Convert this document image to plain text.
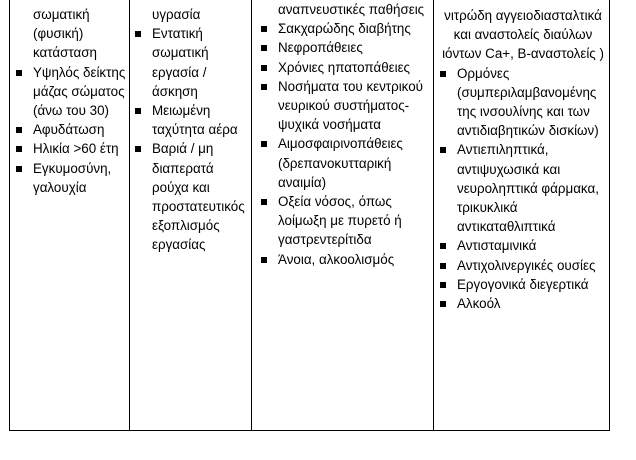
σωματική (φυσική) κατάσταση
Υψηλός δείκτης μάζας σώματος (άνω του 30)
Αφυδάτωση
Ηλικία >60 έτη
Εγκυμοσύνη, γαλουχία
υγρασία
Εντατική σωματική εργασία / άσκηση
Μειωμένη ταχύτητα αέρα
Βαριά / μη διαπερατά ρούχα και προστατευτικός εξοπλισμός εργασίας
αναπνευστικές παθήσεις
Σακχαρώδης διαβήτης
Νεφροπάθειες
Χρόνιες ηπατοπάθειες
Νοσήματα του κεντρικού νευρικού συστήματος-ψυχικά νοσήματα
Αιμοσφαιρινοπάθειες (δρεπανοκυτταρική αναιμία)
Οξεία νόσος, όπως λοίμωξη με πυρετό ή γαστρεντερίτιδα
Άνοια, αλκοολισμός
νιτρώδη αγγειοδιασταλτικά και αναστολείς διαύλων ιόντων Ca+, Β-αναστολείς )
Ορμόνες (συμπεριλαμβανομένης της ινσουλίνης και των αντιδιαβητικών δισκίων)
Αντιεπιληπτικά, αντιψυχωσικά και νευροληπτικά φάρμακα, τρικυκλικά αντικαταθλιπτικά
Αντισταμινικά
Αντιχολινεργικές ουσίες
Εργογονικά διεγερτικά
Αλκοόλ
